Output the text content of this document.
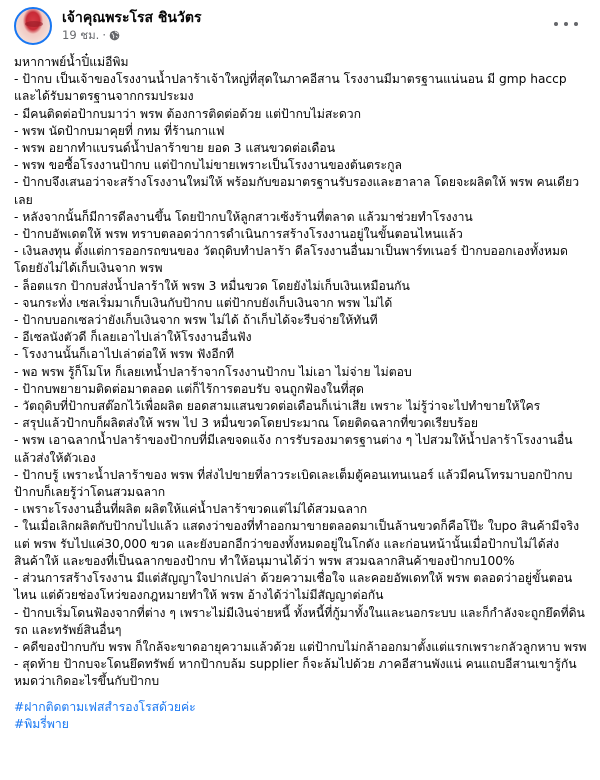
เจ้าคุณพระโรส ชินวัตร
19 ชม. ·

มหากาพย์น้ำปิ๋แม่อีพิม

- ป้ากบ เป็นเจ้าของโรงงานน้ำปลาร้าเจ้าใหญ่ที่สุดในภาคอีสาน โรงงานมีมาตรฐานแน่นอน มี gmp haccp และได้รับมาตรฐานจากกรมประมง

- มีคนติดต่อป้ากบมาว่า พรพ ต้องการติดต่อด้วย แต่ป้ากบไม่สะดวก

- พรพ นัดป้ากบมาคุยที่ กทม ที่ร้านกาแฟ

- พรพ อยากทำแบรนด์น้ำปลาร้าขาย ยอด 3 แสนขวดต่อเดือน

- พรพ ขอซื้อโรงงานป้ากบ แต่ป้ากบไม่ขายเพราะเป็นโรงงานของต้นตระกูล

- ป้ากบจึงเสนอว่าจะสร้างโรงงานใหม่ให้ พร้อมกับขอมาตรฐานรับรองและฮาลาล โดยจะผลิตให้ พรพ คนเดียวเลย

- หลังจากนั้นก็มีการดีลงานขึ้น โดยป้ากบให้ลูกสาวเซ้งร้านที่ตลาด แล้วมาช่วยทำโรงงาน

- ป้ากบอัพเดตให้ พรพ ทราบตลอดว่าการดำเนินการสร้างโรงงานอยู่ในขั้นตอนไหนแล้ว

- เงินลงทุน ตั้งแต่การออกรถขนของ วัตถุดิบทำปลาร้า ดีลโรงงานอื่นมาเป็นพาร์ทเนอร์ ป้ากบออกเองทั้งหมด โดยยังไม่ได้เก็บเงินจาก พรพ

- ล็อตแรก ป้ากบส่งน้ำปลาร้าให้ พรพ 3 หมื่นขวด โดยยังไม่เก็บเงินเหมือนกัน

- จนกระทั่ง เซลเริ่มมาเก็บเงินกับป้ากบ แต่ป้ากบยังเก็บเงินจาก พรพ ไม่ได้

- ป้ากบบอกเซลว่ายังเก็บเงินจาก พรพ ไม่ได้ ถ้าเก็บได้จะรีบจ่ายให้ทันที

- อีเซลนังตัวดี ก็เลยเอาไปเล่าให้โรงงานอื่นฟัง

- โรงงานนั้นก็เอาไปเล่าต่อให้ พรพ ฟังอีกที

- พอ พรพ รู้ก็โมโห ก็เลยเทน้ำปลาร้าจากโรงงานป้ากบ ไม่เอา ไม่จ่าย ไม่ตอบ

- ป้ากบพยายามติดต่อมาตลอด แต่ก็ไร้การตอบรับ จนถูกฟ้องในที่สุด

- วัตถุดิบที่ป้ากบสต๊อกไว้เพื่อผลิต ยอดสามแสนขวดต่อเดือนก็เน่าเสีย เพราะ ไม่รู้ว่าจะไปทำขายให้ใคร

- สรุปแล้วป้ากบก็ผลิตส่งให้ พรพ ไป 3 หมื่นขวดโดยประมาณ โดยติดฉลากที่ขวดเรียบร้อย

- พรพ เอาฉลากน้ำปลาร้าของป้ากบที่มีเลขจดแจ้ง การรับรองมาตรฐานต่าง ๆ ไปสวมให้น้ำปลาร้าโรงงานอื่น แล้วส่งให้ตัวเอง

- ป้ากบรู้ เพราะน้ำปลาร้าของ พรพ ที่ส่งไปขายที่ลาวระเบิดเละเต็มตู้คอนเทนเนอร์ แล้วมีคนโทรมาบอกป้ากบ ป้ากบก็เลยรู้ว่าโดนสวมฉลาก

- เพราะโรงงานอื่นที่ผลิต ผลิตให้แค่น้ำปลาร้าขวดแต่ไม่ได้สวมฉลาก

- ในเมื่อเลิกผลิตกับป้ากบไปแล้ว แสดงว่าของที่ทำออกมาขายตลอดมาเป็นล้านขวดก็คือโป๊ะ ใบpo สินค้ามีจริง แต่ พรพ รับไปแค่30,000 ขวด และยังบอกอีกว่าของทั้งหมดอยู่ในโกดัง และก่อนหน้านั้นเมื่อป้ากบไม่ได้ส่งสินค้าให้ และของที่เป็นฉลากของป้ากบ ทำให้อนุมานได้ว่า พรพ สวมฉลากสินค้าของป้ากบ100%

- ส่วนการสร้างโรงงาน มีแต่สัญญาใจปากเปล่า ด้วยความเชื่อใจ และคอยอัพเดทให้ พรพ ตลอดว่าอยู่ขั้นตอนไหน แต่ด้วยช่องโหว่ของกฎหมายทำให้ พรพ อ้างได้ว่าไม่มีสัญญาต่อกัน

- ป้ากบเริ่มโดนฟ้องจากที่ต่าง ๆ เพราะไม่มีเงินจ่ายหนี้ ทั้งหนี้ที่กู้มาทั้งในและนอกระบบ และก็กำลังจะถูกยึดที่ดิน รถ และทรัพย์สินอื่นๆ

- คดีของป้ากบกับ พรพ ก็ใกล้จะขาดอายุความแล้วด้วย แต่ป้ากบไม่กล้าออกมาตั้งแต่แรกเพราะกลัวลูกหาบ พรพ

- สุดท้าย ป้ากบจะโดนยึดทรัพย์ หากป้ากบล้ม supplier ก็จะล้มไปด้วย ภาคอีสานพังแน่ คนแถบอีสานเขารู้กันหมดว่าเกิดอะไรขึ้นกับป้ากบ

#ฝากติดตามเฟสสำรองโรสด้วยค่ะ
#พิมรี่พาย
